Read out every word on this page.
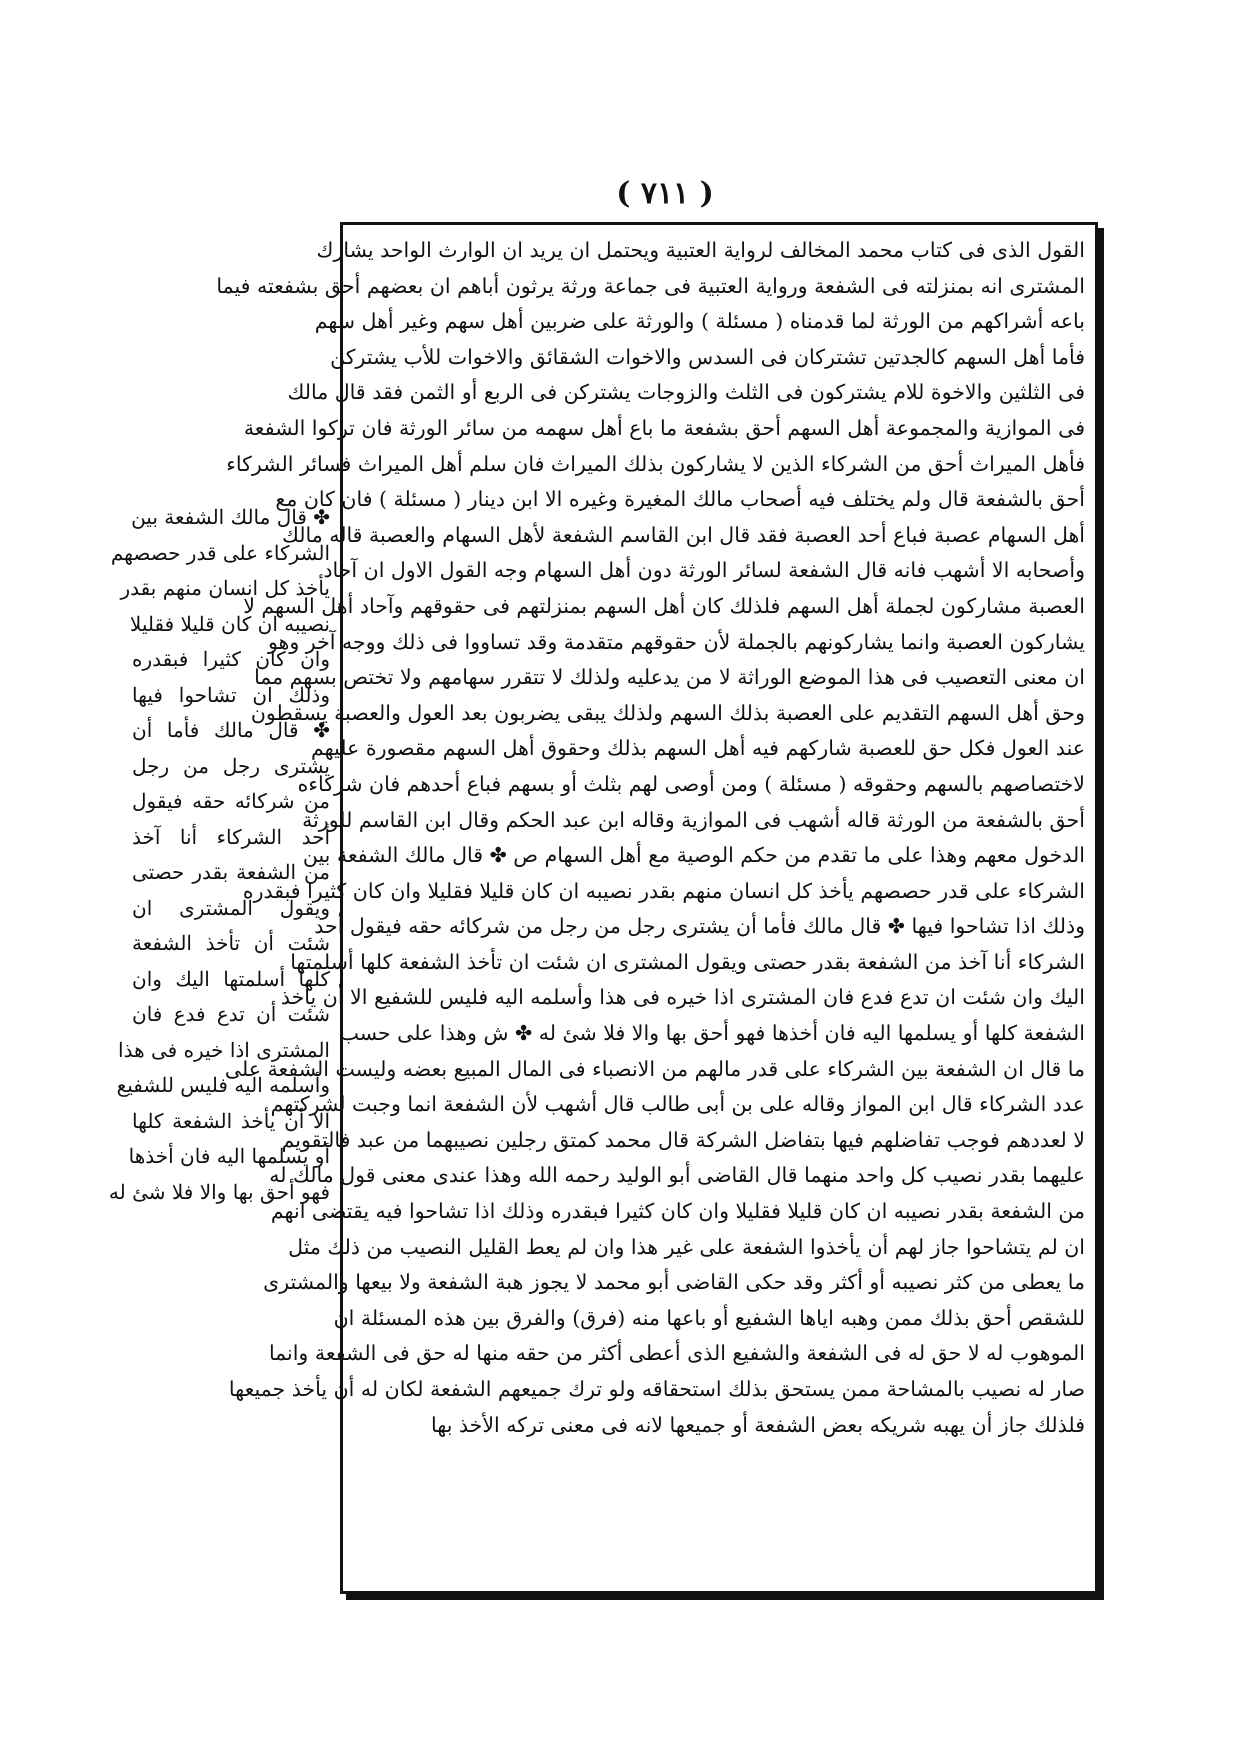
( ٧١١ )
القول الذى فى كتاب محمد المخالف لرواية العتبية ويحتمل ان يريد ان الوارث الواحد يشارك
المشترى انه بمنزلته فى الشفعة ورواية العتبية فى جماعة ورثة يرثون أباهم ان بعضهم أحق بشفعته فيما
باعه أشراكهم من الورثة لما قدمناه ( مسئلة ) والورثة على ضربين أهل سهم وغير أهل سهم
فأما أهل السهم كالجدتين تشتركان فى السدس والاخوات الشقائق والاخوات للأب يشتركن
فى الثلثين والاخوة للام يشتركون فى الثلث والزوجات يشتركن فى الربع أو الثمن فقد قال مالك
فى الموازية والمجموعة أهل السهم أحق بشفعة ما باع أهل سهمه من سائر الورثة فان تركوا الشفعة
فأهل الميراث أحق من الشركاء الذين لا يشاركون بذلك الميراث فان سلم أهل الميراث فسائر الشركاء
أحق بالشفعة قال ولم يختلف فيه أصحاب مالك المغيرة وغيره الا ابن دينار ( مسئلة ) فان كان مع
أهل السهام عصبة فباع أحد العصبة فقد قال ابن القاسم الشفعة لأهل السهام والعصبة قاله مالك
وأصحابه الا أشهب فانه قال الشفعة لسائر الورثة دون أهل السهام وجه القول الاول ان آحاد
العصبة مشاركون لجملة أهل السهم فلذلك كان أهل السهم بمنزلتهم فى حقوقهم وآحاد أهل السهم لا
يشاركون العصبة وانما يشاركونهم بالجملة لأن حقوقهم متقدمة وقد تساووا فى ذلك ووجه آخر وهو
ان معنى التعصيب فى هذا الموضع الوراثة لا من يدعليه ولذلك لا تتقرر سهامهم ولا تختص بسهم مما
وحق أهل السهم التقديم على العصبة بذلك السهم ولذلك يبقى يضربون بعد العول والعصبة يسقطون
عند العول فكل حق للعصبة شاركهم فيه أهل السهم بذلك وحقوق أهل السهم مقصورة عليهم
لاختصاصهم بالسهم وحقوقه ( مسئلة ) ومن أوصى لهم بثلث أو بسهم فباع أحدهم فان شركاءه
أحق بالشفعة من الورثة قاله أشهب فى الموازية وقاله ابن عبد الحكم وقال ابن القاسم للورثة
الدخول معهم وهذا على ما تقدم من حكم الوصية مع أهل السهام ص ✤ قال مالك الشفعة بين
الشركاء على قدر حصصهم يأخذ كل انسان منهم بقدر نصيبه ان كان قليلا فقليلا وان كان كثيرا فبقدره
وذلك اذا تشاحوا فيها ✤ قال مالك فأما أن يشترى رجل من رجل من شركائه حقه فيقول أحد
الشركاء أنا آخذ من الشفعة بقدر حصتى ويقول المشترى ان شئت ان تأخذ الشفعة كلها أسلمتها
اليك وان شئت ان تدع فدع فان المشترى اذا خيره فى هذا وأسلمه اليه فليس للشفيع الا أن يأخذ
الشفعة كلها أو يسلمها اليه فان أخذها فهو أحق بها والا فلا شئ له ✤ ش وهذا على حسب
ما قال ان الشفعة بين الشركاء على قدر مالهم من الانصباء فى المال المبيع بعضه وليست الشفعة على
عدد الشركاء قال ابن المواز وقاله على بن أبى طالب قال أشهب لأن الشفعة انما وجبت لشركتهم
لا لعددهم فوجب تفاضلهم فيها بتفاضل الشركة قال محمد كمتق رجلين نصيبهما من عبد فالتقويم
عليهما بقدر نصيب كل واحد منهما قال القاضى أبو الوليد رحمه الله وهذا عندى معنى قول مالك له
من الشفعة بقدر نصيبه ان كان قليلا فقليلا وان كان كثيرا فبقدره وذلك اذا تشاحوا فيه يقتضى انهم
ان لم يتشاحوا جاز لهم أن يأخذوا الشفعة على غير هذا وان لم يعط القليل النصيب من ذلك مثل
ما يعطى من كثر نصيبه أو أكثر وقد حكى القاضى أبو محمد لا يجوز هبة الشفعة ولا بيعها والمشترى
للشقص أحق بذلك ممن وهبه اياها الشفيع أو باعها منه (فرق) والفرق بين هذه المسئلة ان
الموهوب له لا حق له فى الشفعة والشفيع الذى أعطى أكثر من حقه منها له حق فى الشفعة وانما
صار له نصيب بالمشاحة ممن يستحق بذلك استحقاقه ولو ترك جميعهم الشفعة لكان له أن يأخذ جميعها
فلذلك جاز أن يهبه شريكه بعض الشفعة أو جميعها لانه فى معنى تركه الأخذ بها
✤ قال مالك الشفعة بين
الشركاء على قدر حصصهم
يأخذ كل انسان منهم بقدر
نصيبه ان كان قليلا فقليلا
وان كان كثيرا فبقدره
وذلك ان تشاحوا فيها
✤ قال مالك فأما أن
يشترى رجل من رجل
من شركائه حقه فيقول
أحد الشركاء أنا آخذ
من الشفعة بقدر حصتى
ويقول المشترى ان
شئت أن تأخذ الشفعة
كلها أسلمتها اليك وان
شئت أن تدع فدع فان
المشترى اذا خيره فى هذا
وأسلمه اليه فليس للشفيع
الا أن يأخذ الشفعة كلها
أو يسلمها اليه فان أخذها
فهو أحق بها والا فلا شئ له
